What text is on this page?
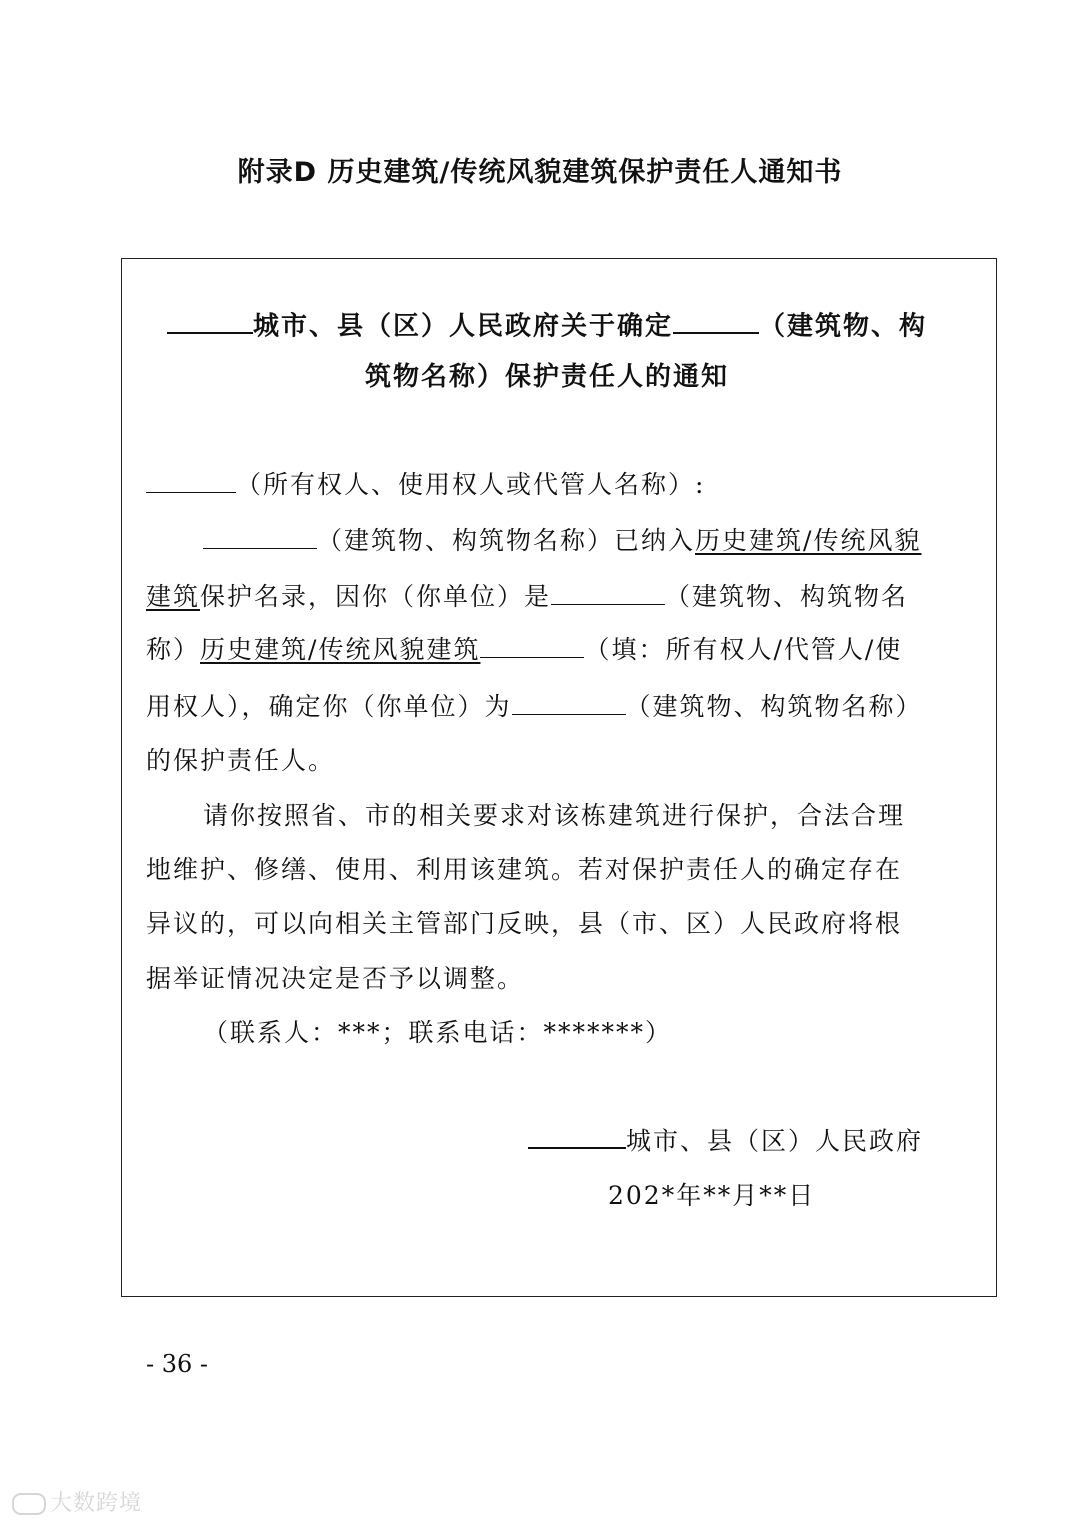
附录D 历史建筑/传统风貌建筑保护责任人通知书
城市、县（区）人民政府关于确定	（建筑物、构
筑物名称）保护责任人的通知
（所有权人、使用权人或代管人名称）:
（建筑物、构筑物名称）已纳入历史建筑/传统风貌
建筑保护名录，因你（你单位）是	（建筑物、构筑物名
称）历史建筑/传统风貌建筑	（填：所有权人/代管人/使
用权人），确定你（你单位）为	（建筑物、构筑物名称）
的保护责任人。
请你按照省、市的相关要求对该栋建筑进行保护，合法合理
地维护、修缮、使用、利用该建筑。若对保护责任人的确定存在
异议的，可以向相关主管部门反映，县（市、区）人民政府将根
据举证情况决定是否予以调整。
（联系人：***；联系电话：*******）
城市、县（区）人民政府
202*年**月**日
- 36 -
大数跨境
